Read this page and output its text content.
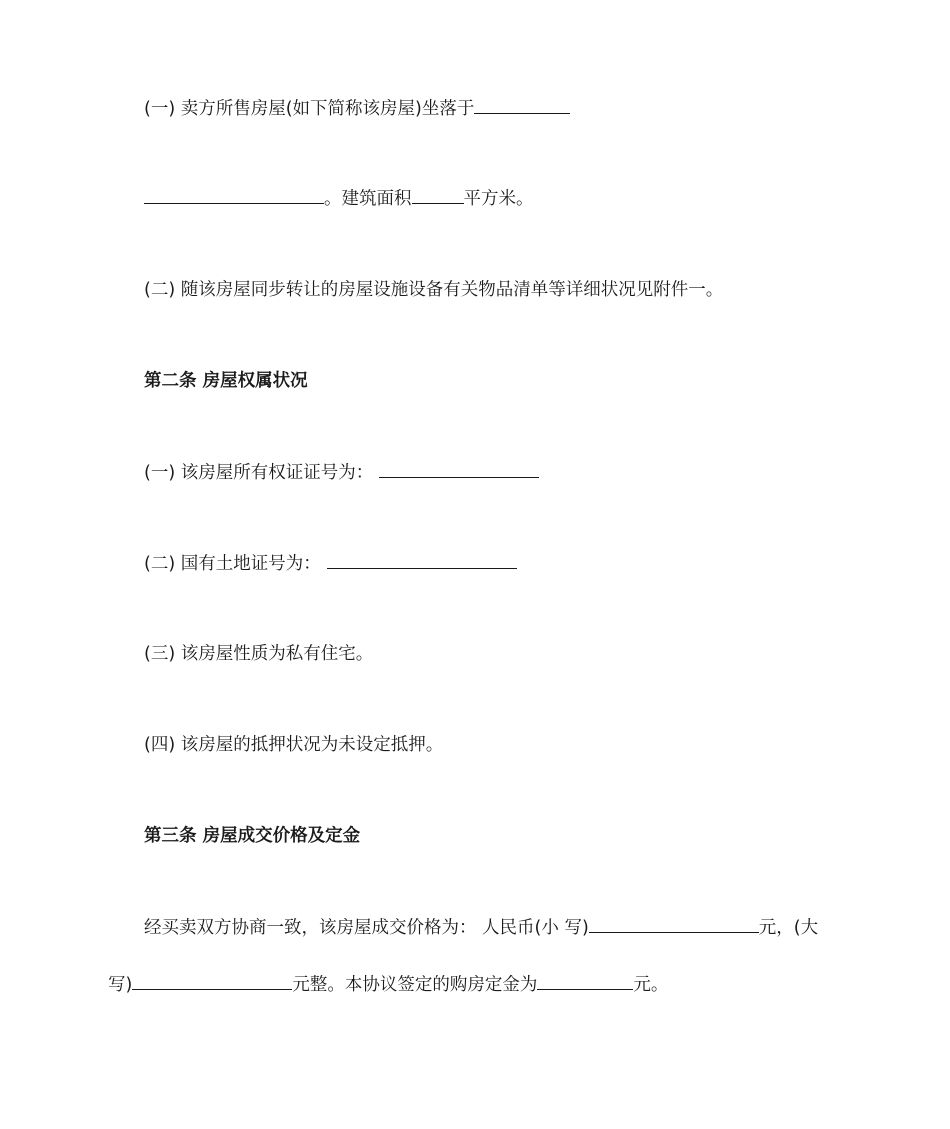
(一) 卖方所售房屋(如下简称该房屋)坐落于
。建筑面积	平方米。
(二) 随该房屋同步转让的房屋设施设备有关物品清单等详细状况见附件一。
第二条 房屋权属状况
(一) 该房屋所有权证证号为：
(二) 国有土地证号为：
(三) 该房屋性质为私有住宅。
(四) 该房屋的抵押状况为未设定抵押。
第三条 房屋成交价格及定金
经买卖双方协商一致，该房屋成交价格为： 人民币(小 写)	元，(大
写)	元整。本协议签定的购房定金为	元。
